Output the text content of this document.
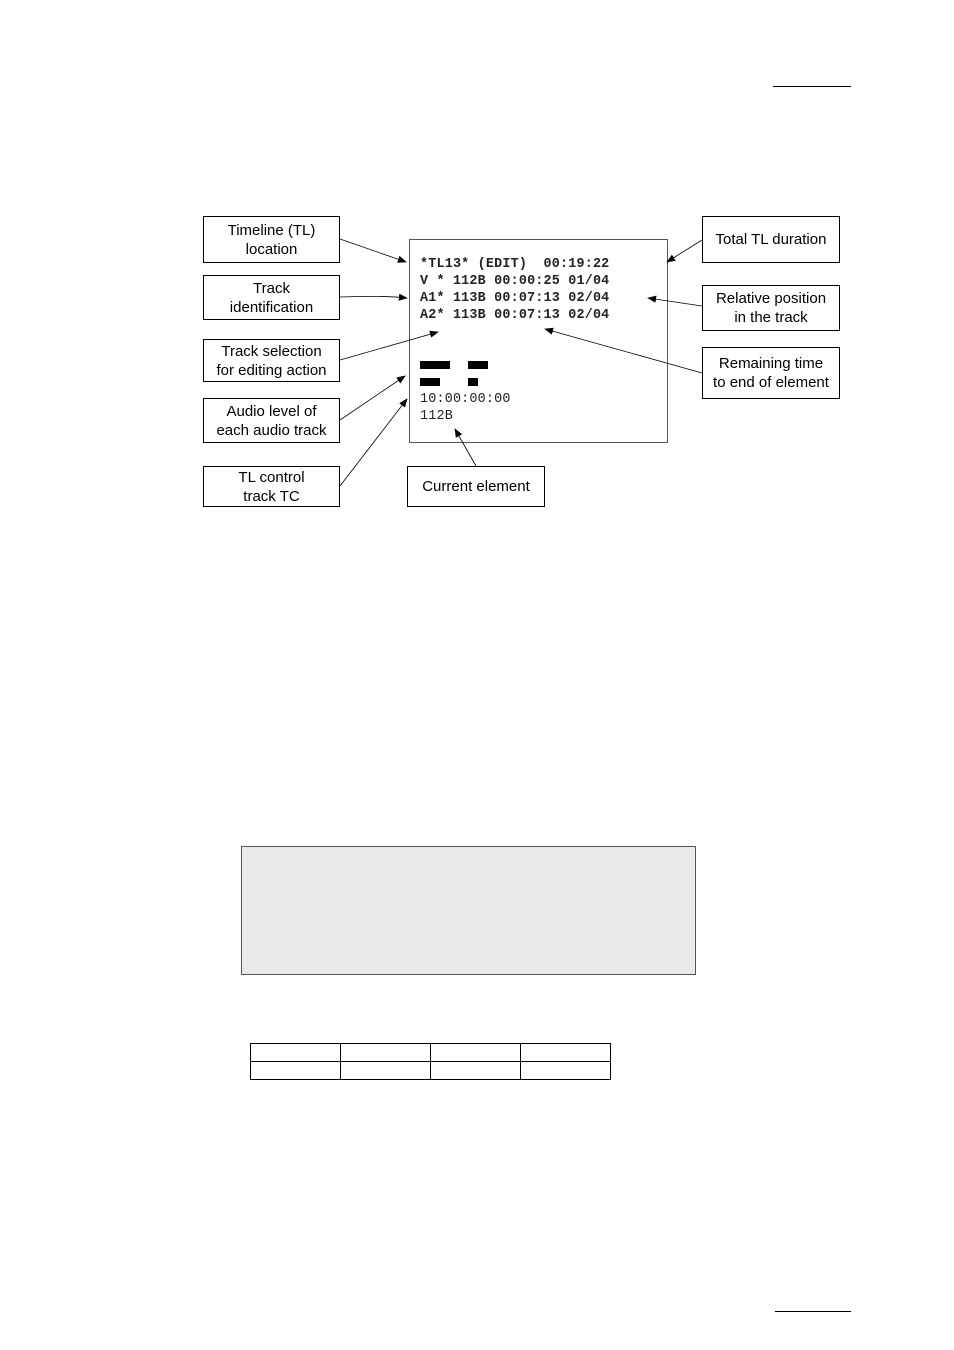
*TL13* (EDIT)  00:19:22
V * 112B 00:00:25 01/04
A1* 113B 00:07:13 02/04
A2* 113B 00:07:13 02/04
10:00:00:00
112B
Timeline (TL)
location
Track
identification
Track selection
for editing action
Audio level of
each audio track
TL control
track TC
Total TL duration
Relative position
in the track
Remaining time
to end of element
Current element
